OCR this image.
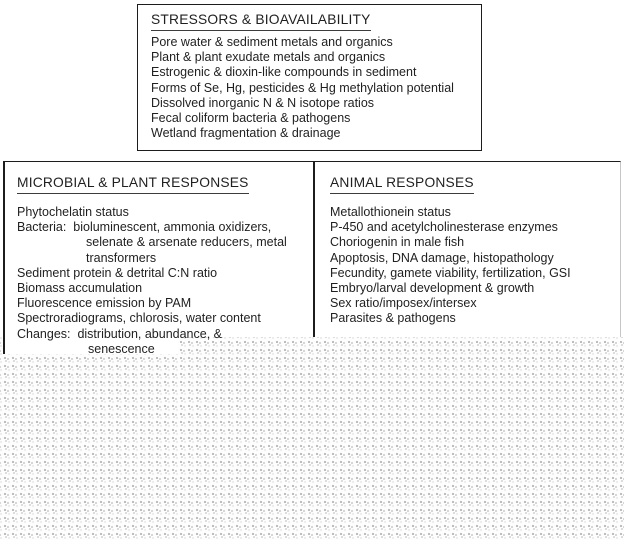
STRESSORS & BIOAVAILABILITY
Pore water & sediment metals and organics
Plant & plant exudate metals and organics
Estrogenic & dioxin-like compounds in sediment
Forms of Se, Hg, pesticides & Hg methylation potential
Dissolved inorganic N & N isotope ratios
Fecal coliform bacteria & pathogens
Wetland fragmentation & drainage
MICROBIAL & PLANT RESPONSES
Phytochelatin status
Bacteria:  bioluminescent, ammonia oxidizers,
selenate & arsenate reducers, metal
transformers
Sediment protein & detrital C:N ratio
Biomass accumulation
Fluorescence emission by PAM
Spectroradiograms, chlorosis, water content
Changes:  distribution, abundance, &
senescence
ANIMAL RESPONSES
Metallothionein status
P-450 and acetylcholinesterase enzymes
Choriogenin in male fish
Apoptosis, DNA damage, histopathology
Fecundity, gamete viability, fertilization, GSI
Embryo/larval development & growth
Sex ratio/imposex/intersex
Parasites & pathogens
